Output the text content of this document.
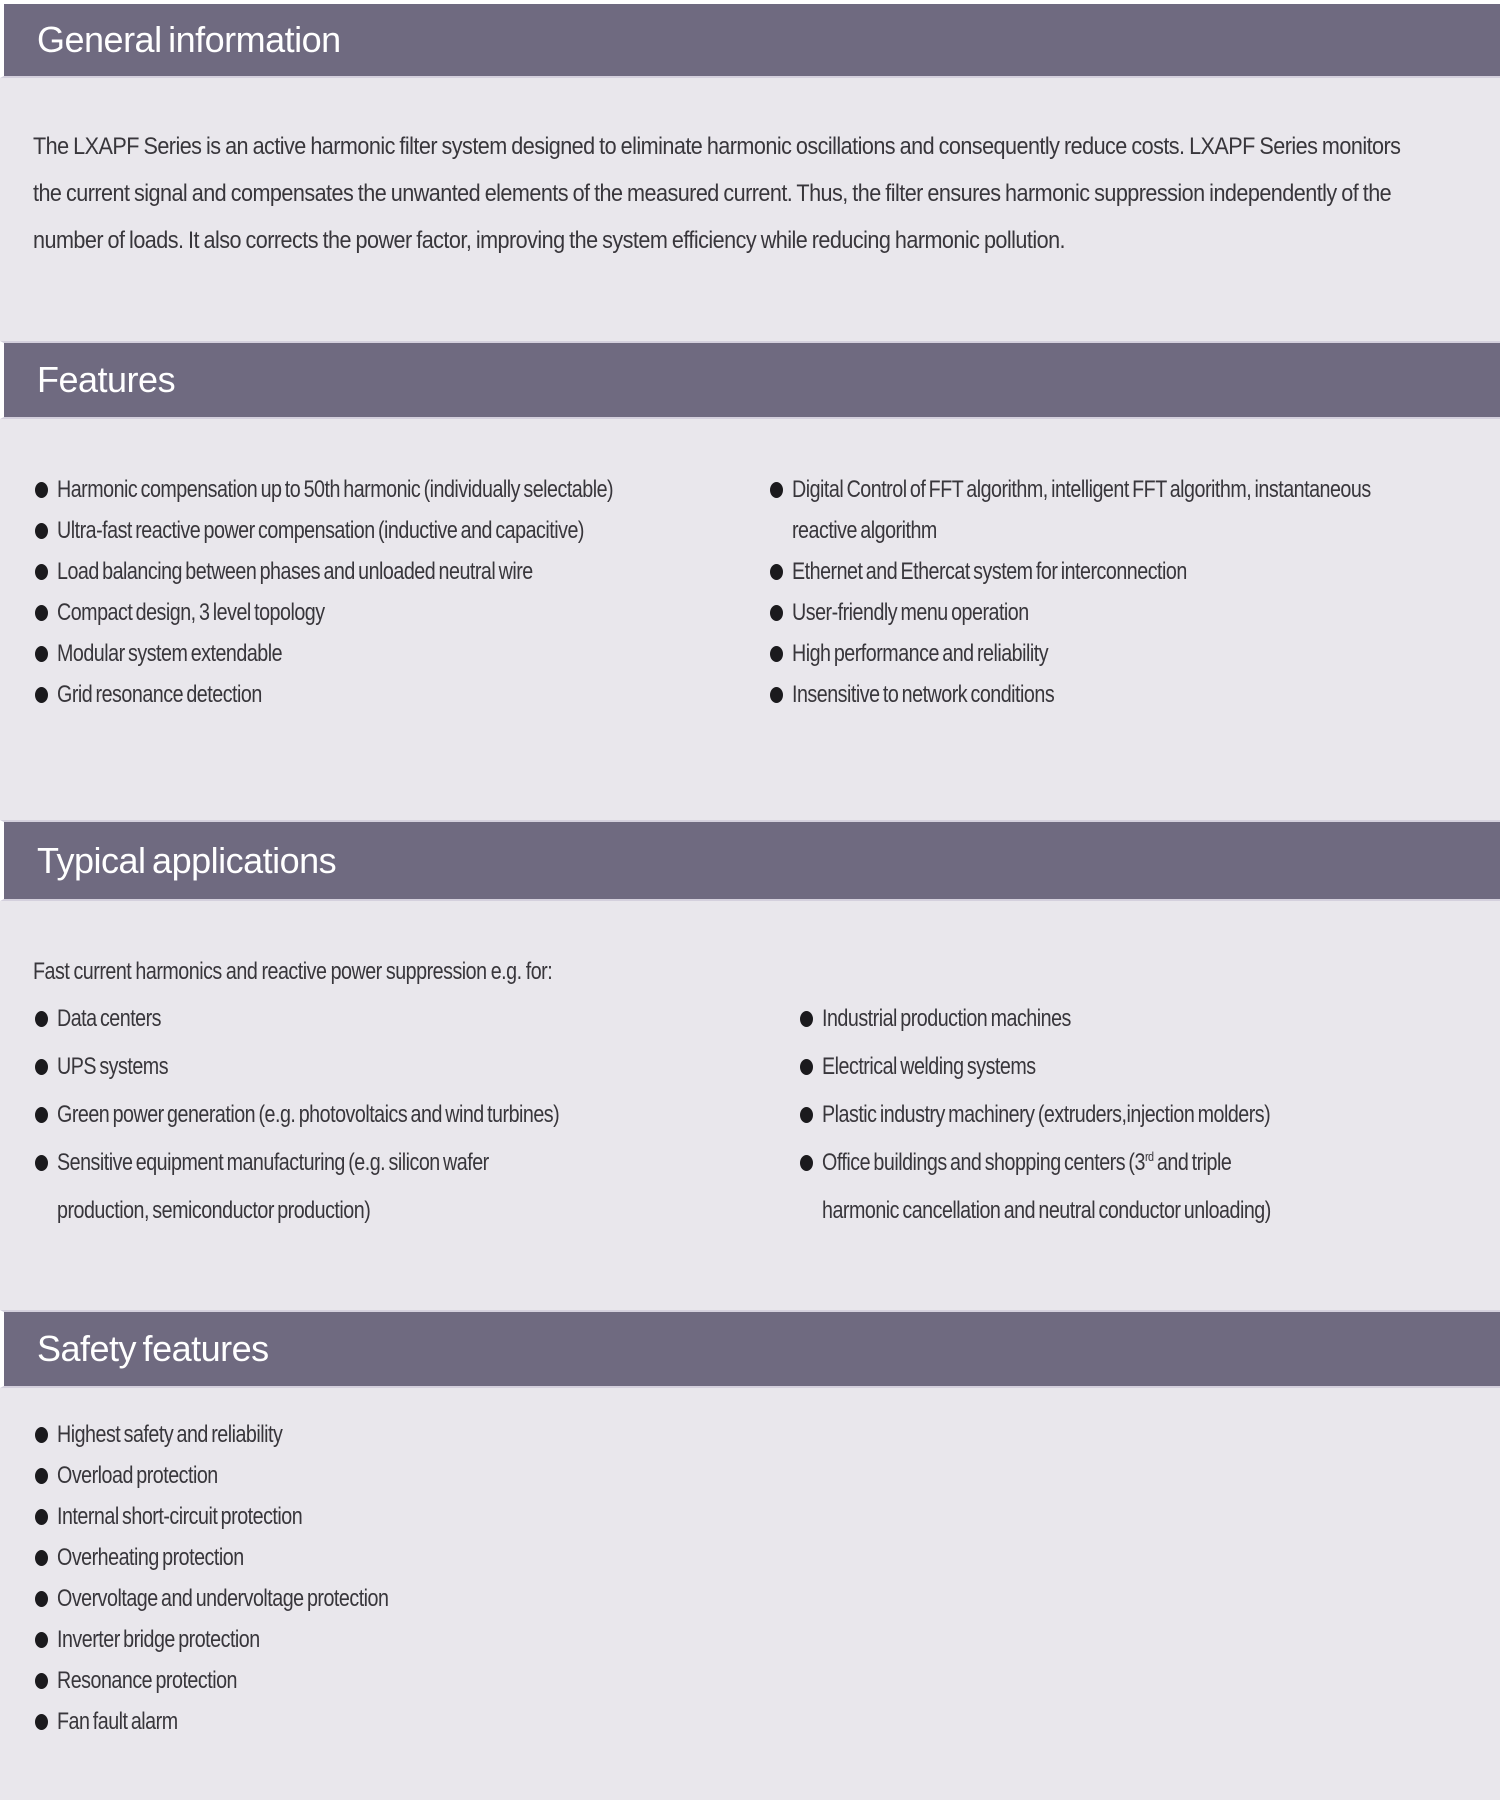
General information
The LXAPF Series is an active harmonic filter system designed to eliminate harmonic oscillations and consequently reduce costs. LXAPF Series monitors
the current signal and compensates the unwanted elements of the measured current. Thus, the filter ensures harmonic suppression independently of the
number of loads. It also corrects the power factor, improving the system efficiency while reducing harmonic pollution.
Features
Harmonic compensation up to 50th harmonic (individually selectable)
Ultra-fast reactive power compensation (inductive and capacitive)
Load balancing between phases and unloaded neutral wire
Compact design, 3 level topology
Modular system extendable
Grid resonance detection
Digital Control of FFT algorithm, intelligent FFT algorithm, instantaneous
reactive algorithm
Ethernet and Ethercat system for interconnection
User-friendly menu operation
High performance and reliability
Insensitive to network conditions
Typical applications
Fast current harmonics and reactive power suppression e.g. for:
Data centers
UPS systems
Green power generation (e.g. photovoltaics and wind turbines)
Sensitive equipment manufacturing (e.g. silicon wafer
production, semiconductor production)
Industrial production machines
Electrical welding systems
Plastic industry machinery (extruders,injection molders)
Office buildings and shopping centers (3rd and triple
harmonic cancellation and neutral conductor unloading)
Safety features
Highest safety and reliability
Overload protection
Internal short-circuit protection
Overheating protection
Overvoltage and undervoltage protection
Inverter bridge protection
Resonance protection
Fan fault alarm
